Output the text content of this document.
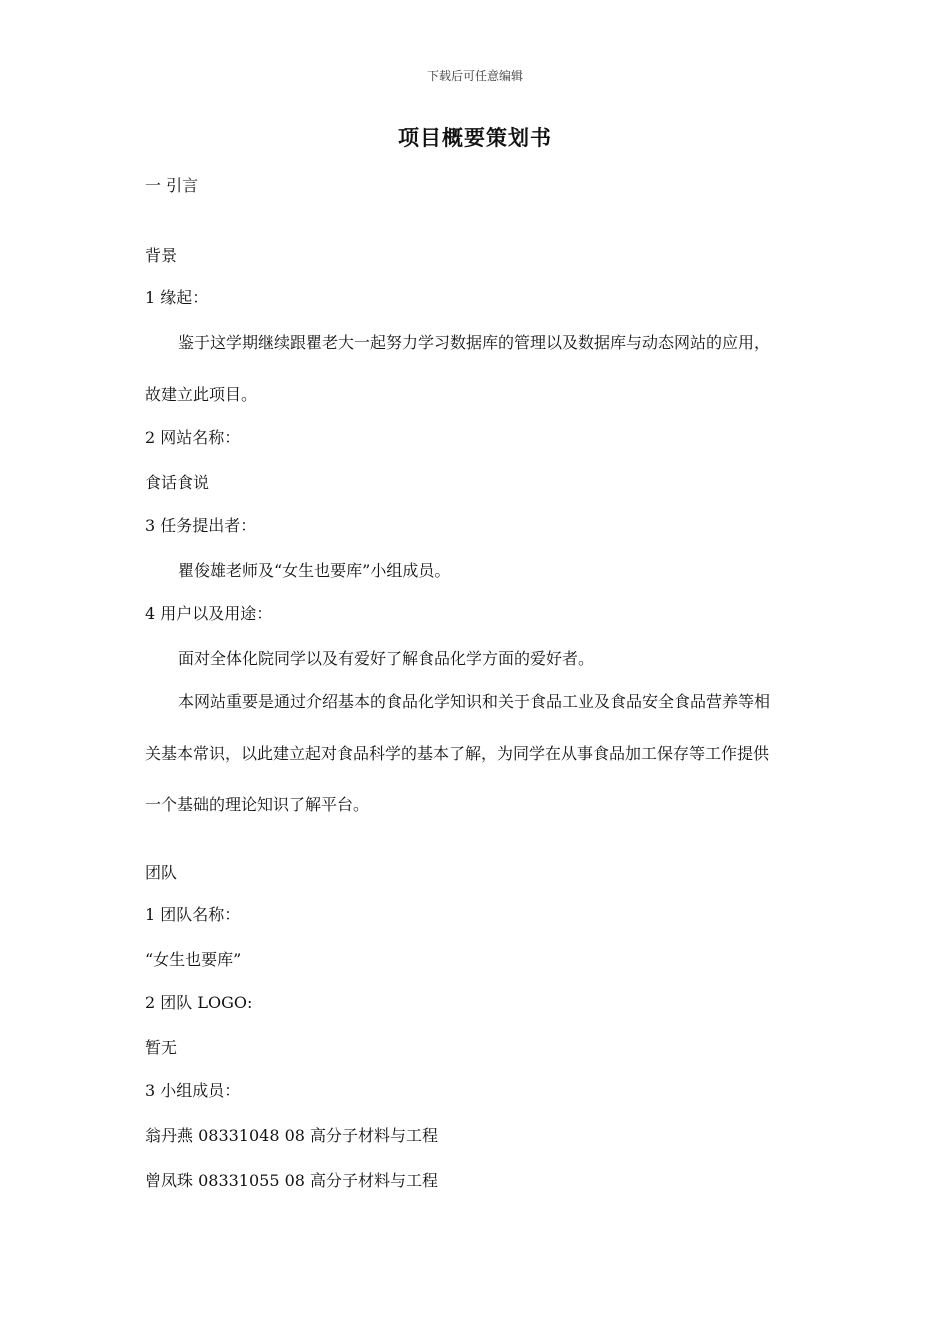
下载后可任意编辑
项目概要策划书
一 引言
背景
1 缘起：
鉴于这学期继续跟瞿老大一起努力学习数据库的管理以及数据库与动态网站的应用，
故建立此项目。
2 网站名称：
食话食说
3 任务提出者：
瞿俊雄老师及“女生也要库”小组成员。
4 用户以及用途：
面对全体化院同学以及有爱好了解食品化学方面的爱好者。
本网站重要是通过介绍基本的食品化学知识和关于食品工业及食品安全食品营养等相
关基本常识，以此建立起对食品科学的基本了解，为同学在从事食品加工保存等工作提供
一个基础的理论知识了解平台。
团队
1 团队名称：
“女生也要库”
2 团队 LOGO:
暂无
3 小组成员：
翁丹燕 08331048 08 高分子材料与工程
曾凤珠 08331055 08 高分子材料与工程
